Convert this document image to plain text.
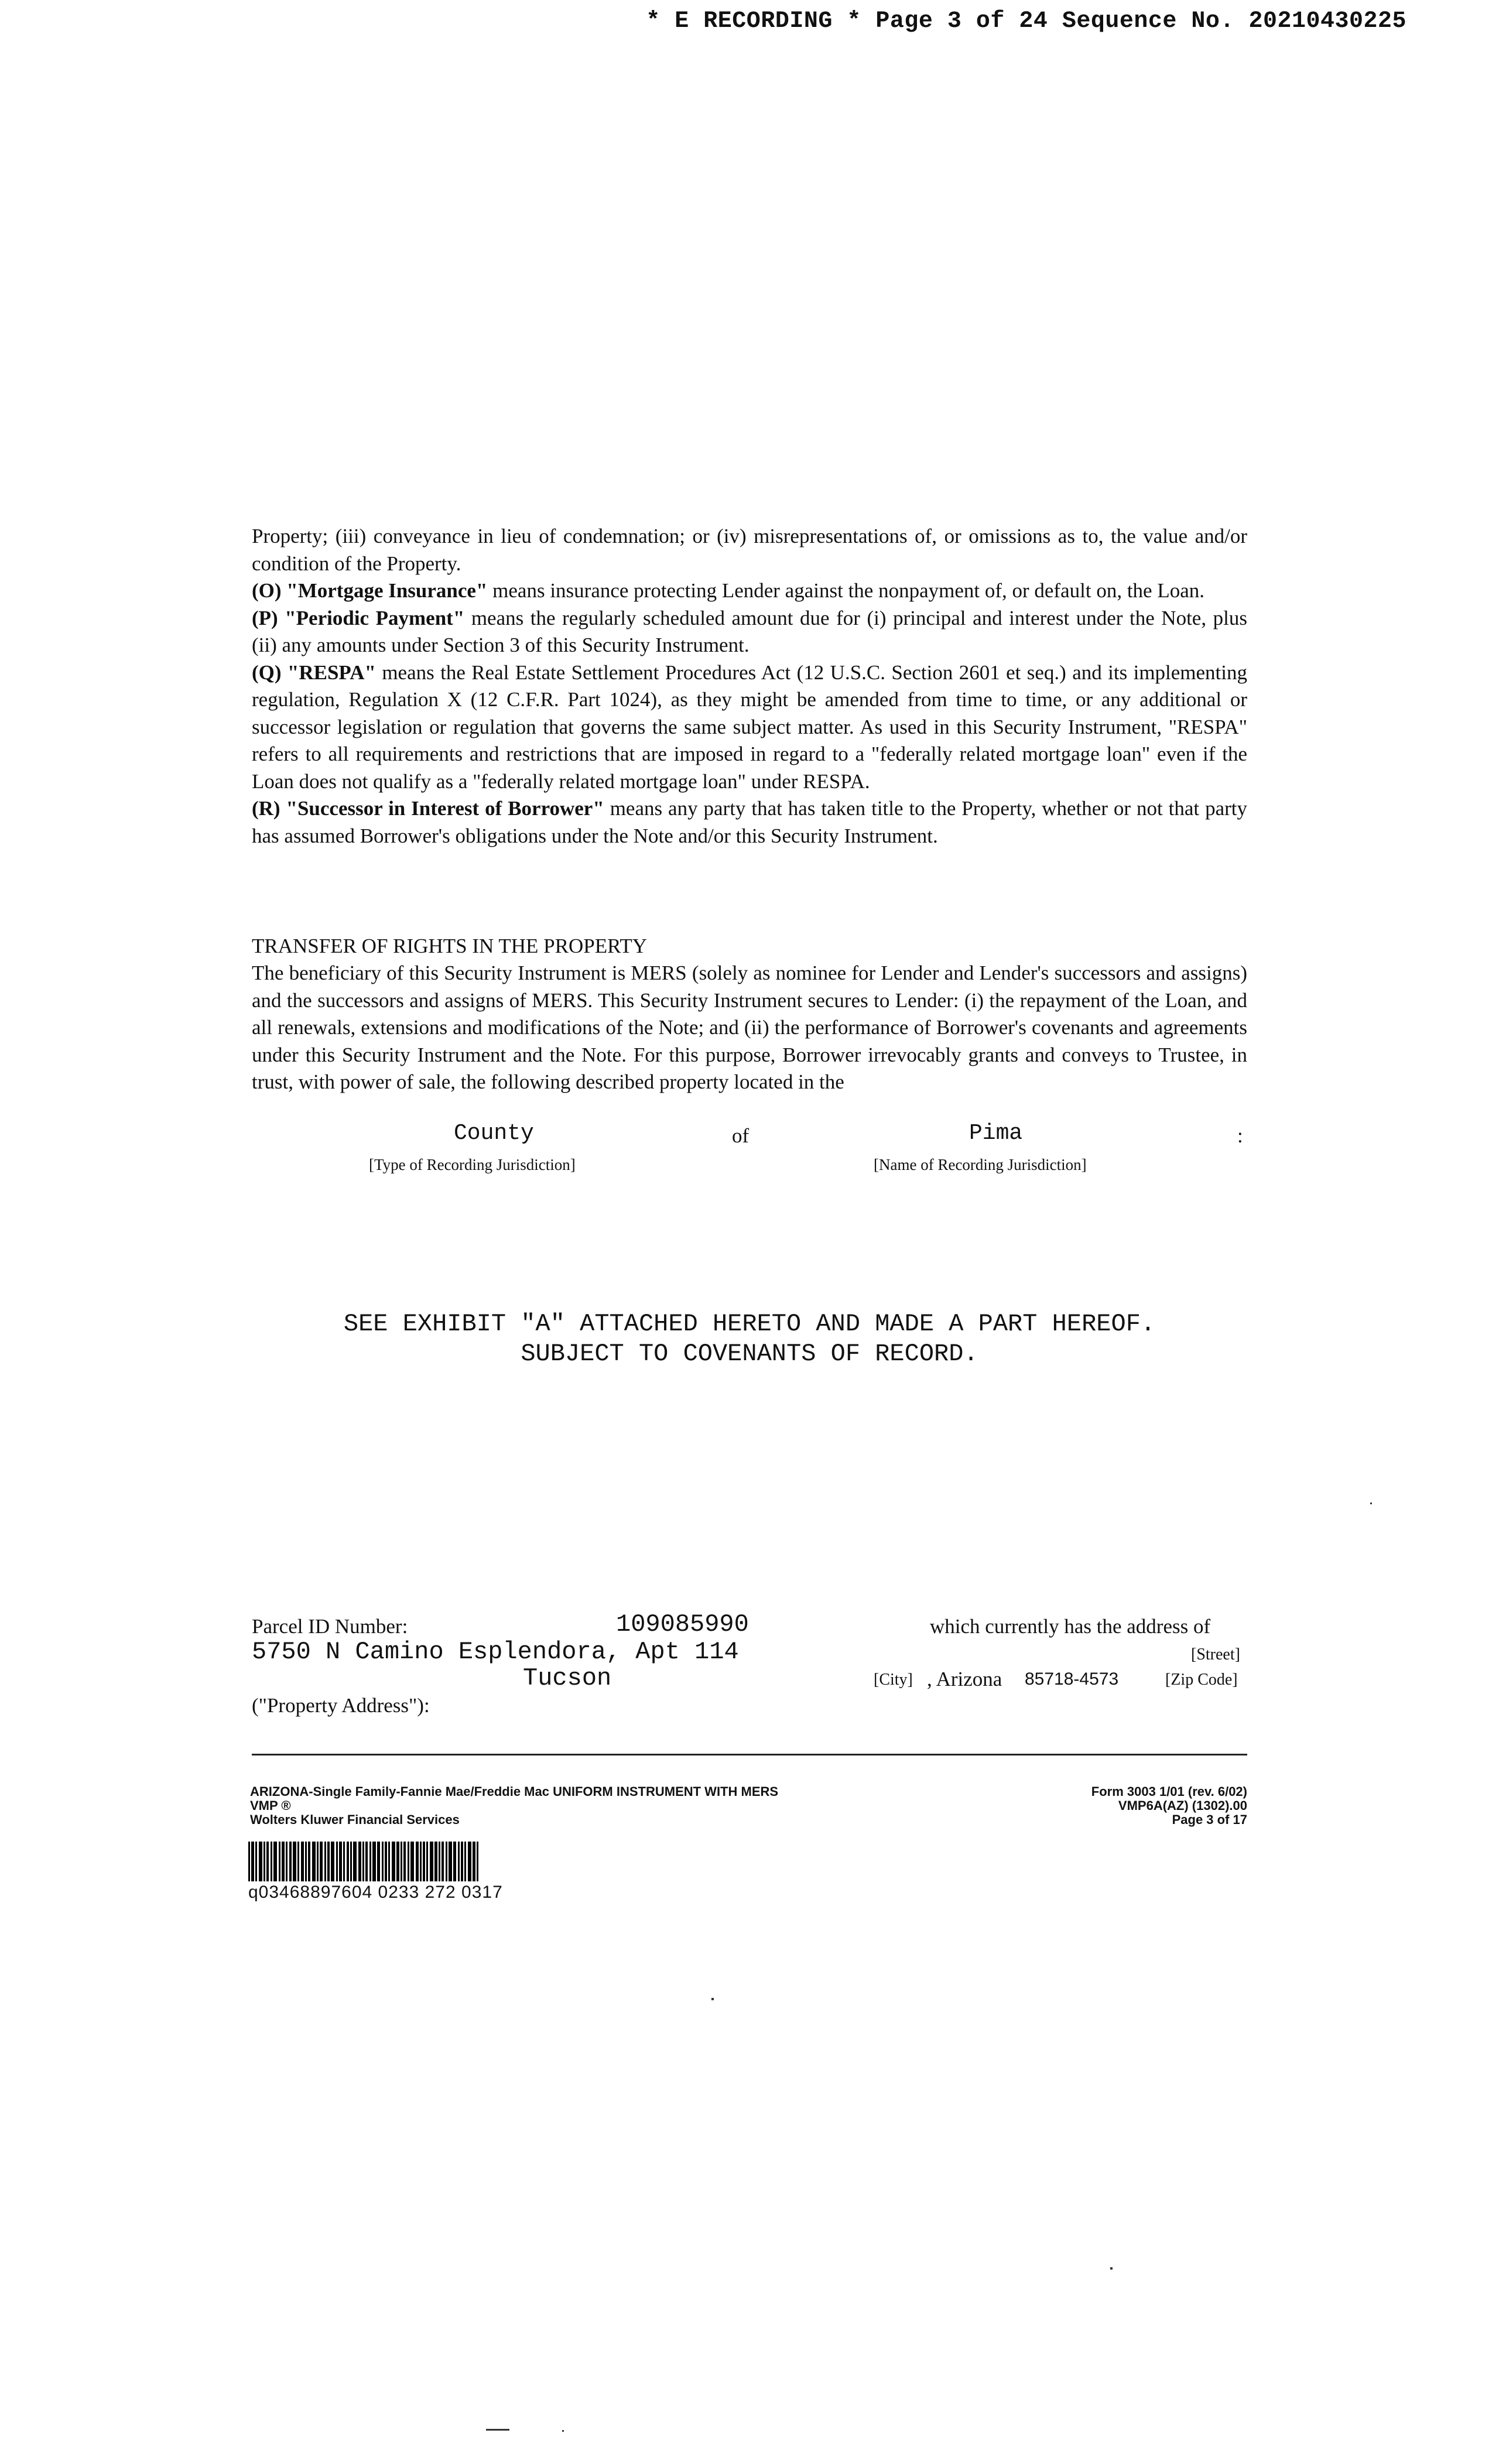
* E RECORDING * Page 3 of 24 Sequence No. 20210430225

Property; (iii) conveyance in lieu of condemnation; or (iv) misrepresentations of, or omissions as to, the value and/or condition of the Property.

(O) "Mortgage Insurance" means insurance protecting Lender against the nonpayment of, or default on, the Loan.

(P) "Periodic Payment" means the regularly scheduled amount due for (i) principal and interest under the Note, plus (ii) any amounts under Section 3 of this Security Instrument.

(Q) "RESPA" means the Real Estate Settlement Procedures Act (12 U.S.C. Section 2601 et seq.) and its implementing regulation, Regulation X (12 C.F.R. Part 1024), as they might be amended from time to time, or any additional or successor legislation or regulation that governs the same subject matter. As used in this Security Instrument, "RESPA" refers to all requirements and restrictions that are imposed in regard to a "federally related mortgage loan" even if the Loan does not qualify as a "federally related mortgage loan" under RESPA.

(R) "Successor in Interest of Borrower" means any party that has taken title to the Property, whether or not that party has assumed Borrower's obligations under the Note and/or this Security Instrument.

TRANSFER OF RIGHTS IN THE PROPERTY
The beneficiary of this Security Instrument is MERS (solely as nominee for Lender and Lender's successors and assigns) and the successors and assigns of MERS. This Security Instrument secures to Lender: (i) the repayment of the Loan, and all renewals, extensions and modifications of the Note; and (ii) the performance of Borrower's covenants and agreements under this Security Instrument and the Note. For this purpose, Borrower irrevocably grants and conveys to Trustee, in trust, with power of sale, the following described property located in the
County	of	Pima	:
[Type of Recording Jurisdiction]	[Name of Recording Jurisdiction]
SEE EXHIBIT "A" ATTACHED HERETO AND MADE A PART HEREOF.
SUBJECT TO COVENANTS OF RECORD.
Parcel ID Number:	109085990	which currently has the address of
5750 N Camino Esplendora, Apt 114	[Street]
Tucson	[City] , Arizona 85718-4573	[Zip Code]
("Property Address"):
ARIZONA-Single Family-Fannie Mae/Freddie Mac UNIFORM INSTRUMENT WITH MERS
VMP ®
Wolters Kluwer Financial Services
Form 3003 1/01 (rev. 6/02)
VMP6A(AZ) (1302).00
Page 3 of 17
q03468897604 0233 272 0317
